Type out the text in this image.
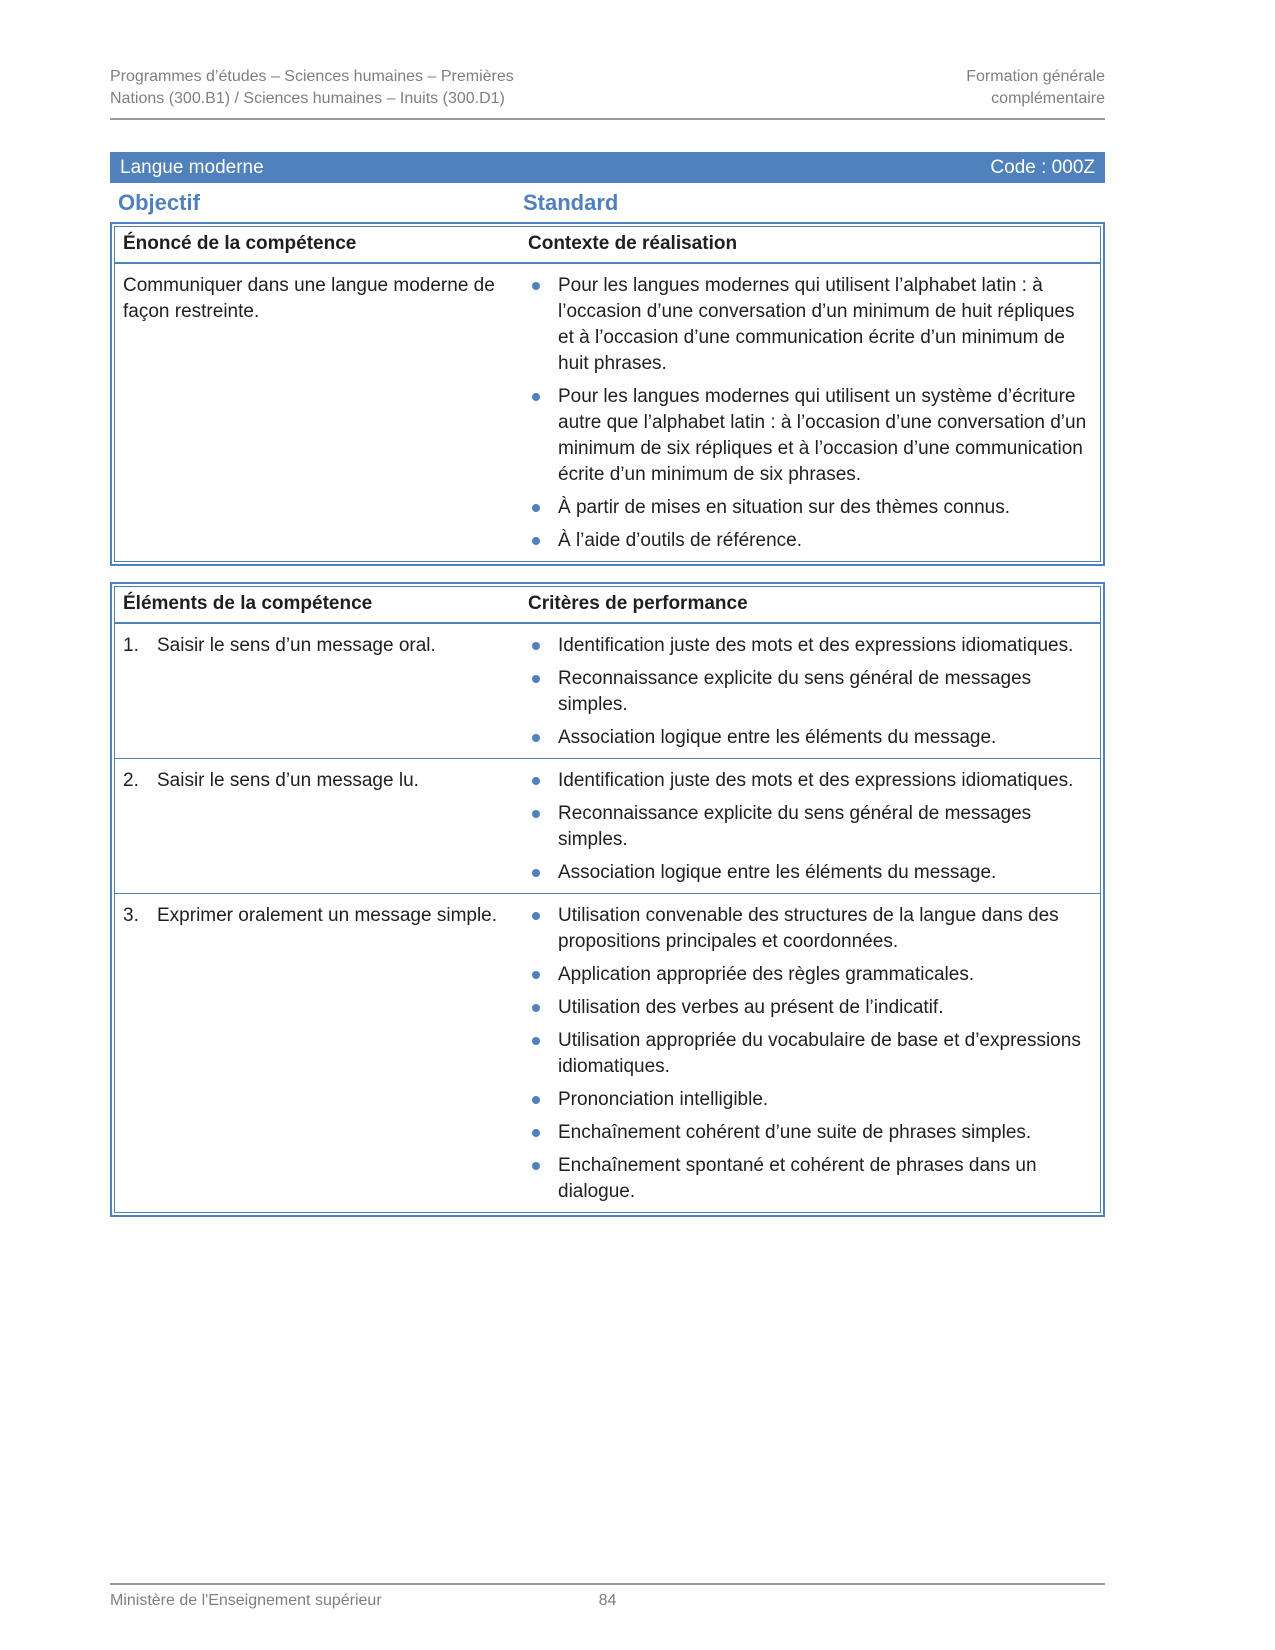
Programmes d’études – Sciences humaines – Premières
Nations (300.B1) / Sciences humaines – Inuits (300.D1)
Formation générale
complémentaire
Langue moderne	Code : 000Z
Objectif	Standard
Énoncé de la compétence	Contexte de réalisation
Communiquer dans une langue moderne de façon restreinte.
Pour les langues modernes qui utilisent l’alphabet latin : à l’occasion d’une conversation d’un minimum de huit répliques et à l’occasion d’une communication écrite d’un minimum de huit phrases.
Pour les langues modernes qui utilisent un système d’écriture autre que l’alphabet latin : à l’occasion d’une conversation d’un minimum de six répliques et à l’occasion d’une communication écrite d’un minimum de six phrases.
À partir de mises en situation sur des thèmes connus.
À l’aide d’outils de référence.
Éléments de la compétence	Critères de performance
1. Saisir le sens d’un message oral.	Identification juste des mots et des expressions idiomatiques.
Reconnaissance explicite du sens général de messages simples.
Association logique entre les éléments du message.
2. Saisir le sens d’un message lu.	Identification juste des mots et des expressions idiomatiques.
Reconnaissance explicite du sens général de messages simples.
Association logique entre les éléments du message.
3. Exprimer oralement un message simple.	Utilisation convenable des structures de la langue dans des propositions principales et coordonnées.
Application appropriée des règles grammaticales.
Utilisation des verbes au présent de l’indicatif.
Utilisation appropriée du vocabulaire de base et d’expressions idiomatiques.
Prononciation intelligible.
Enchaînement cohérent d’une suite de phrases simples.
Enchaînement spontané et cohérent de phrases dans un dialogue.
Ministère de l'Enseignement supérieur	84
